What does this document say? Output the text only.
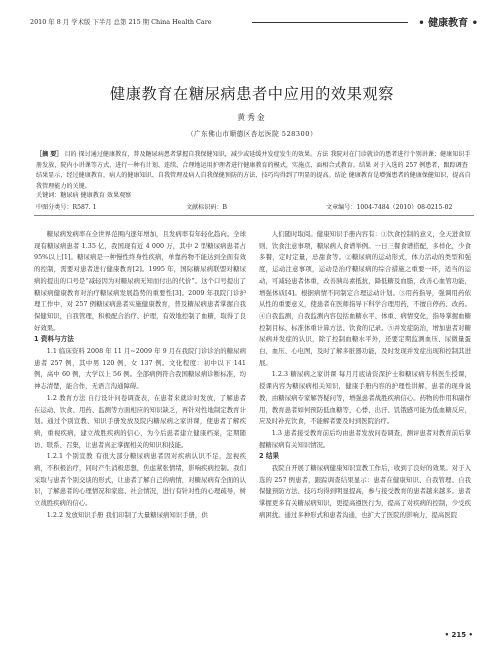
2010 年 8 月 学术版 下半月 总第 215 期 China Health Care	• 健康教育 •
健康教育在糖尿病患者中应用的效果观察
黄秀金
（广东佛山市顺德区杏坛医院 528300）
［摘 要］ 目的 探讨通过健康教育，普及糖尿病患者掌握自我保健知识，减少或延缓并发症发生的效果。方法 我院对在门诊就诊的患者进行个别讲课；健康知识手册发放，院内小讲课等方式，进行一种有计划、连续、合理地运用护理者进行健康教育的模式，实施点、面相合式教育。结果 对于入选的 257 例患者，跟踪调查结果显示，经过健康教育，病人的健康知识、自我管理及病人自我保健预防的方法、技巧均得到了明显的提高。结论 健康教育是增强患者的健康保健知识，提高自我管理能力的关键。
关键词：糖尿病 健康教育 效果观察
中图分类号：R587. 1	文献标识码：B	文章编号：1004-7484（2010）08-0215-02

糖尿病发病率在全世界范围内逐年增加，且发病率有年轻化趋向。全球现有糖尿病患者 1.35 亿，我国现有近 4 000 万，其中 2 型糖尿病患者占 95%以上[1]。糖尿病是一种慢性终身性疾病，单靠药物不能达到全面有效的控制，需要对患者进行健康教育[2]。1995 年，国际糖尿病联盟对糖尿病的提出的口号是“减轻因为对糖尿病无知而付出的代价”。这个口号提出了糖尿病健康教育对治疗糖尿病发展趋势的重要性[3]。2009 年我院门诊护理工作中，对 257 例糖尿病患者实施健康教育，普及糖尿病患者掌握自我保健知识，自我管理，积极配合治疗、护理，有效地控制了血糖，取得了良好效果。

1 资料与方法

1.1 临床资料 2008 年 11 月~2009 年 9 月在我院门诊诊治的糖尿病患者 257 例，其中男 120 例，女 137 例。文化程度：初中以下 141 例，高中 60 例，大学以上 56 例。全部病例符合我国糖尿病诊断标准，均神志清楚，能合作，无语言沟通障碍。

1.2 教育方法 自行设计问卷调查表，在患者来就诊时发放，了解患者在运动、饮食、用药、监测等方面相应的知识缺乏，再针对性地制定教育计划。通过个别宣教、知识手册发放及院内糖尿病之家讲课，使患者了解疾病，重视疾病，建立战胜疾病的信心，为今后患者建立健康档案，定期随访、联系、召集，让患者真正掌握相关的知识和技能。

1.2.1 个别宣教 有很大部分糖尿病患者因对疾病认识不足，忽视疾病，不积极治疗，同时产生消极思想，焦虑紧张情绪，影响疾病控制。我们采取与患者个别交谈的形式，让患者了解自己的病情，对糖尿病有全面的认识，了解患者的心理情况和家庭、社会情况，进行有针对性的心理疏导，树立战胜疾病的信心。

1.2.2 发放知识手册 我们印制了大量糖尿病知识手册，供

人们随时取阅。健康知识手册内容有：①饮食控制的意义，全天进食原则、饮食注意事项，糖尿病人食谱举例。一日三餐食谱搭配，多样化，少食多餐，定时定量，忌甜食等。②糖尿病的运动形式，体力活动的类型和强度，运动注意事项，运动是治疗糖尿病的综合措施之重要一环，适当的运动，可减轻患者体重，改善胰岛素抵抗，降低糖及血脂，改善心血管功能，增强体质[4]。根据病情不同制定合理运动计划。③用药指导，强调用药依从性的重要意义，使患者在医师指导下科学合理用药，不擅自停药、改药。④自我监测，自我监测内容包括血糖水平、体重、病情变化，指导掌握血糖控制目标、标准体重计算方法、饮食的记录。⑤并发症防治，增加患者对糖尿病并发症的认识，除了控制血糖水平外，还要定期监测血压、尿微量蛋白、血压、心电图，及时了解多脏器功能，及时发现并发症出现和控制其进展。

1.2.3 糖尿病之家讲课 每月月底请资深护士和糖尿病专科医生授课，授课内容为糖尿病相关知识，健康手册内容的护理性讲解，患者的现身说教，由糖尿病专家解答疑问等，增强患者战胜疾病信心。药物的作用和副作用，教育患者如何预防低血糖等，心悸、出汗、饥饿感可能为低血糖反应，应及时补充饮食，不能解者要及时到医院治疗。

1.3 患者接受教育前后均由患者发放问卷调查，测评患者对教育前后掌握糖尿病有关知识情况。

2 结果

我院自开展了糖尿病健康知识宣教工作后，收到了良好的效果。对于入选的 257 例患者，跟踪调查结果显示：患者在健康知识、自我管理、自我保健预防方法、技巧均得到明显提高，参与接受教育的患者越来越多。患者掌握更多有关糖尿病知识，更提高遵医行为，提高了对疾病的控制，少受疾病困扰。通过多种形式和患者沟通，也扩大了医院的影响力，提高医院

• 215 •
